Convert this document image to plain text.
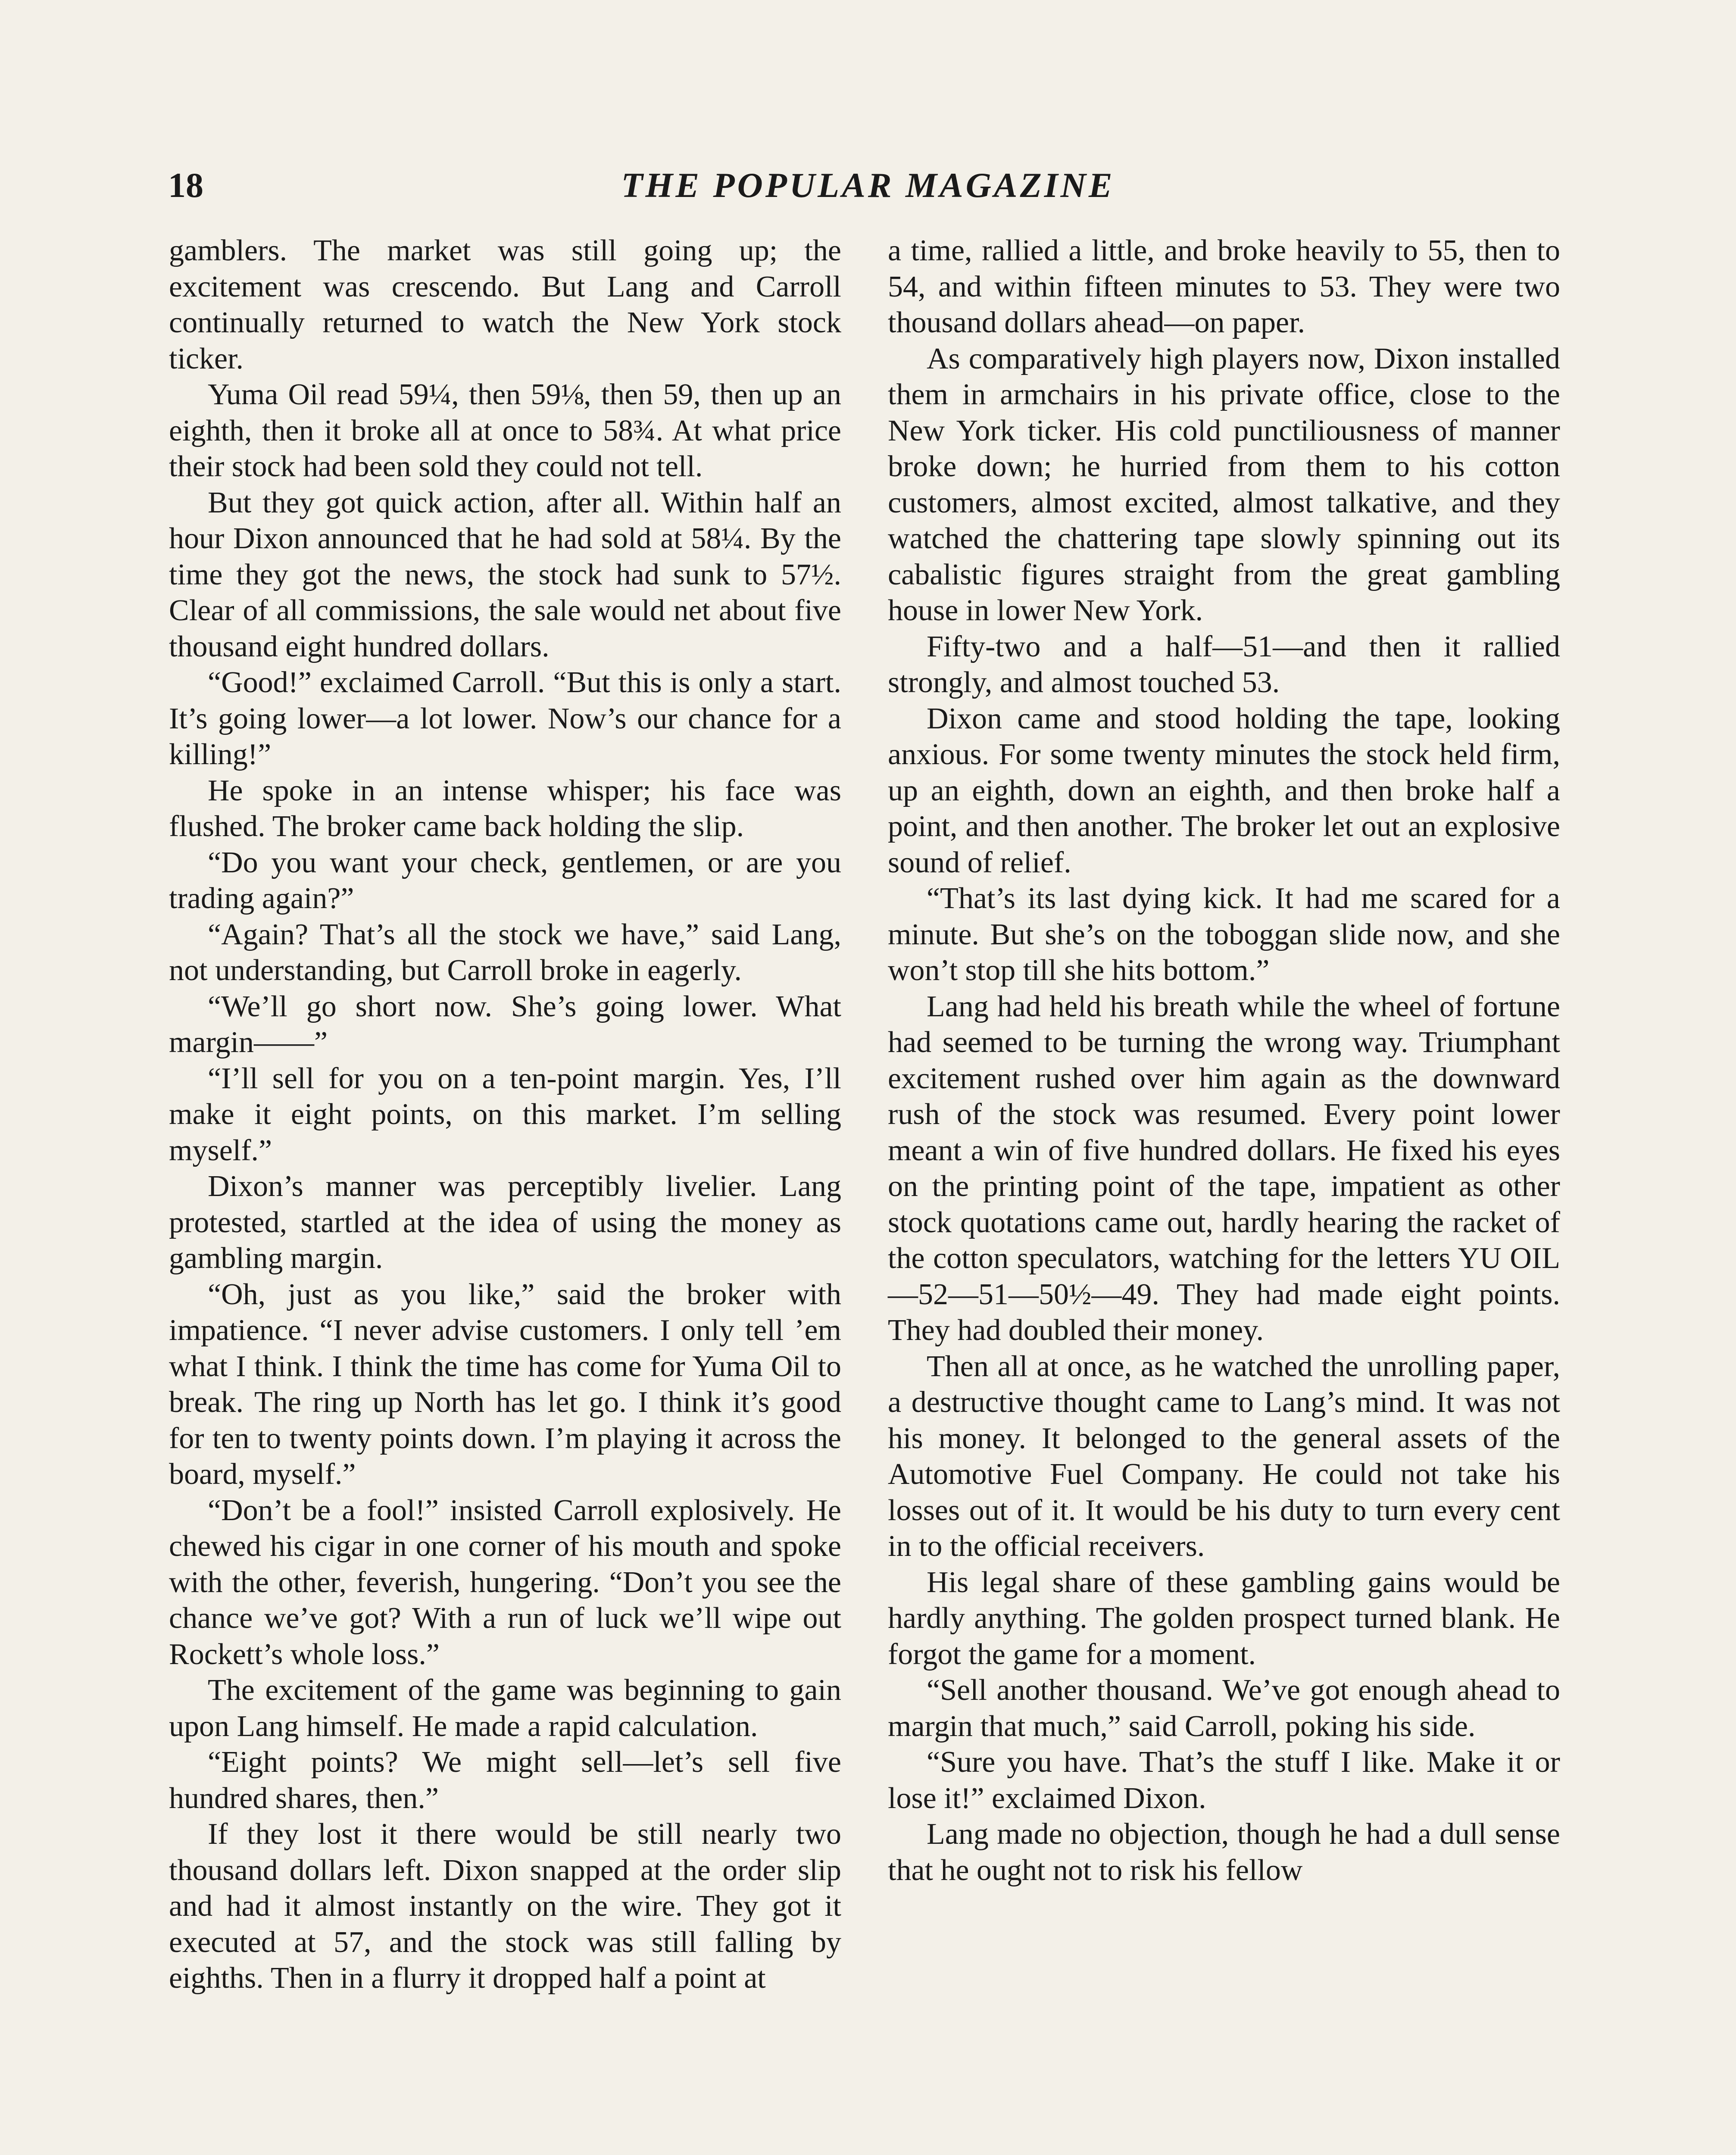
18	THE POPULAR MAGAZINE

gamblers. The market was still going up; the excitement was crescendo. But Lang and Carroll continually returned to watch the New York stock ticker.

Yuma Oil read 59¼, then 59⅛, then 59, then up an eighth, then it broke all at once to 58¾. At what price their stock had been sold they could not tell.

But they got quick action, after all. Within half an hour Dixon announced that he had sold at 58¼. By the time they got the news, the stock had sunk to 57½. Clear of all commissions, the sale would net about five thousand eight hundred dollars.

“Good!” exclaimed Carroll. “But this is only a start. It’s going lower—a lot lower. Now’s our chance for a killing!”

He spoke in an intense whisper; his face was flushed. The broker came back holding the slip.

“Do you want your check, gentlemen, or are you trading again?”

“Again? That’s all the stock we have,” said Lang, not understanding, but Carroll broke in eagerly.

“We’ll go short now. She’s going lower. What margin——”

“I’ll sell for you on a ten-point margin. Yes, I’ll make it eight points, on this market. I’m selling myself.”

Dixon’s manner was perceptibly livelier. Lang protested, startled at the idea of using the money as gambling margin.

“Oh, just as you like,” said the broker with impatience. “I never advise customers. I only tell ’em what I think. I think the time has come for Yuma Oil to break. The ring up North has let go. I think it’s good for ten to twenty points down. I’m playing it across the board, myself.”

“Don’t be a fool!” insisted Carroll explosively. He chewed his cigar in one corner of his mouth and spoke with the other, feverish, hungering. “Don’t you see the chance we’ve got? With a run of luck we’ll wipe out Rockett’s whole loss.”

The excitement of the game was beginning to gain upon Lang himself. He made a rapid calculation.

“Eight points? We might sell—let’s sell five hundred shares, then.”

If they lost it there would be still nearly two thousand dollars left. Dixon snapped at the order slip and had it almost instantly on the wire. They got it executed at 57, and the stock was still falling by eighths. Then in a flurry it dropped half a point at

a time, rallied a little, and broke heavily to 55, then to 54, and within fifteen minutes to 53. They were two thousand dollars ahead—on paper.

As comparatively high players now, Dixon installed them in armchairs in his private office, close to the New York ticker. His cold punctiliousness of manner broke down; he hurried from them to his cotton customers, almost excited, almost talkative, and they watched the chattering tape slowly spinning out its cabalistic figures straight from the great gambling house in lower New York.

Fifty-two and a half—51—and then it rallied strongly, and almost touched 53.

Dixon came and stood holding the tape, looking anxious. For some twenty minutes the stock held firm, up an eighth, down an eighth, and then broke half a point, and then another. The broker let out an explosive sound of relief.

“That’s its last dying kick. It had me scared for a minute. But she’s on the toboggan slide now, and she won’t stop till she hits bottom.”

Lang had held his breath while the wheel of fortune had seemed to be turning the wrong way. Triumphant excitement rushed over him again as the downward rush of the stock was resumed. Every point lower meant a win of five hundred dollars. He fixed his eyes on the printing point of the tape, impatient as other stock quotations came out, hardly hearing the racket of the cotton speculators, watching for the letters YU OIL—52—51—50½—49. They had made eight points. They had doubled their money.

Then all at once, as he watched the unrolling paper, a destructive thought came to Lang’s mind. It was not his money. It belonged to the general assets of the Automotive Fuel Company. He could not take his losses out of it. It would be his duty to turn every cent in to the official receivers.

His legal share of these gambling gains would be hardly anything. The golden prospect turned blank. He forgot the game for a moment.

“Sell another thousand. We’ve got enough ahead to margin that much,” said Carroll, poking his side.

“Sure you have. That’s the stuff I like. Make it or lose it!” exclaimed Dixon.

Lang made no objection, though he had a dull sense that he ought not to risk his fellow
